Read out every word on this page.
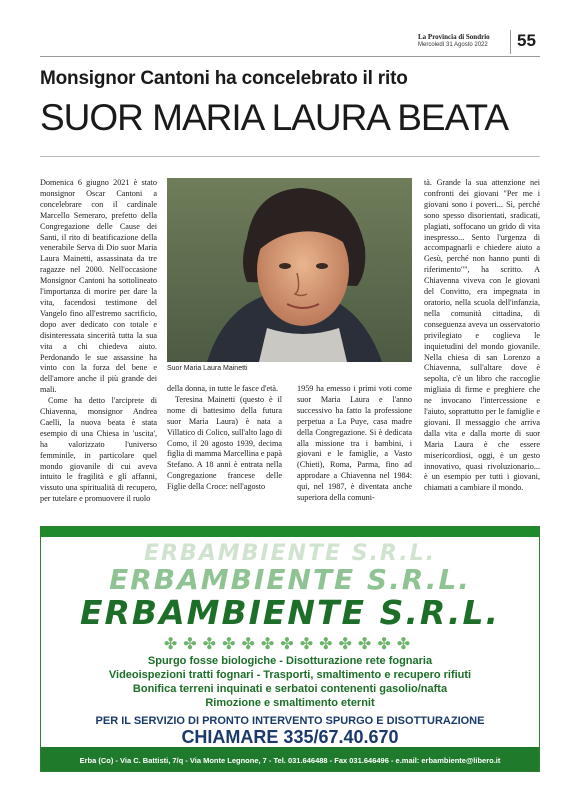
La Provincia di Sondrio
Mercoledì 31 Agosto 2022 55
Monsignor Cantoni ha concelebrato il rito
SUOR MARIA LAURA BEATA

Domenica 6 giugno 2021 è stato monsignor Oscar Cantoni a concelebrare con il cardinale Marcello Semeraro, prefetto della Congregazione delle Cause dei Santi, il rito di beatificazione della venerabile Serva di Dio suor Maria Laura Mainetti, assassinata da tre ragazze nel 2000. Nell'occasione Monsignor Cantoni ha sottolineato l'importanza di morire per dare la vita, facendosi testimone del Vangelo fino all'estremo sacrificio, dopo aver dedicato con totale e disinteressata sincerità tutta la sua vita a chi chiedeva aiuto. Perdonando le sue assassine ha vinto con la forza del bene e dell'amore anche il più grande dei mali.

Come ha detto l'arciprete di Chiavenna, monsignor Andrea Caelli, la nuova beata è stata esempio di una Chiesa in 'uscita', ha valorizzato l'universo femminile, in particolare quel mondo giovanile di cui aveva intuito le fragilità e gli affanni, vissuto una spiritualità di recupero, per tutelare e promuovere il ruolo

Suor Maria Laura Mainetti

della donna, in tutte le fasce d'età.

Teresina Mainetti (questo è il nome di battesimo della futura suor Maria Laura) è nata a Villatico di Colico, sull'alto lago di Como, il 20 agosto 1939, decima figlia di mamma Marcellina e papà Stefano. A 18 anni è entrata nella Congregazione francese delle Figlie della Croce: nell'agosto

1959 ha emesso i primi voti come suor Maria Laura e l'anno successivo ha fatto la professione perpetua a La Puye, casa madre della Congregazione. Si è dedicata alla missione tra i bambini, i giovani e le famiglie, a Vasto (Chieti), Roma, Parma, fino ad approdare a Chiavenna nel 1984: qui, nel 1987, è diventata anche superiora della comuni-

tà. Grande la sua attenzione nei confronti dei giovani "Per me i giovani sono i poveri... Sì, perché sono spesso disorientati, sradicati, plagiati, soffocano un grido di vita inespresso... Sento l'urgenza di accompagnarli e chiedere aiuto a Gesù, perché non hanno punti di riferimento"", ha scritto. A Chiavenna viveva con le giovani del Convitto, era impegnata in oratorio, nella scuola dell'infanzia, nella comunità cittadina, di conseguenza aveva un osservatorio privilegiato e coglieva le inquietudini del mondo giovanile. Nella chiesa di san Lorenzo a Chiavenna, sull'altare dove è sepolta, c'è un libro che raccoglie migliaia di firme e preghiere che ne invocano l'intercessione e l'aiuto, soprattutto per le famiglie e giovani. Il messaggio che arriva dalla vita e dalla morte di suor Maria Laura è che essere misericordiosi, oggi, è un gesto innovativo, quasi rivoluzionario... è un esempio per tutti i giovani, chiamati a cambiare il mondo.

ERBAMBIENTE S.R.L.
ERBAMBIENTE S.R.L.
ERBAMBIENTE S.R.L.
✤✤✤✤✤✤✤✤✤✤✤✤✤
Spurgo fosse biologiche - Disotturazione rete fognaria
Videoispezioni tratti fognari - Trasporti, smaltimento e recupero rifiuti
Bonifica terreni inquinati e serbatoi contenenti gasolio/nafta
Rimozione e smaltimento eternit
PER IL SERVIZIO DI PRONTO INTERVENTO SPURGO E DISOTTURAZIONE
CHIAMARE 335/67.40.670
Erba (Co) - Via C. Battisti, 7/q - Via Monte Legnone, 7 - Tel. 031.646488 - Fax 031.646496 - e.mail: erbambiente@libero.it
